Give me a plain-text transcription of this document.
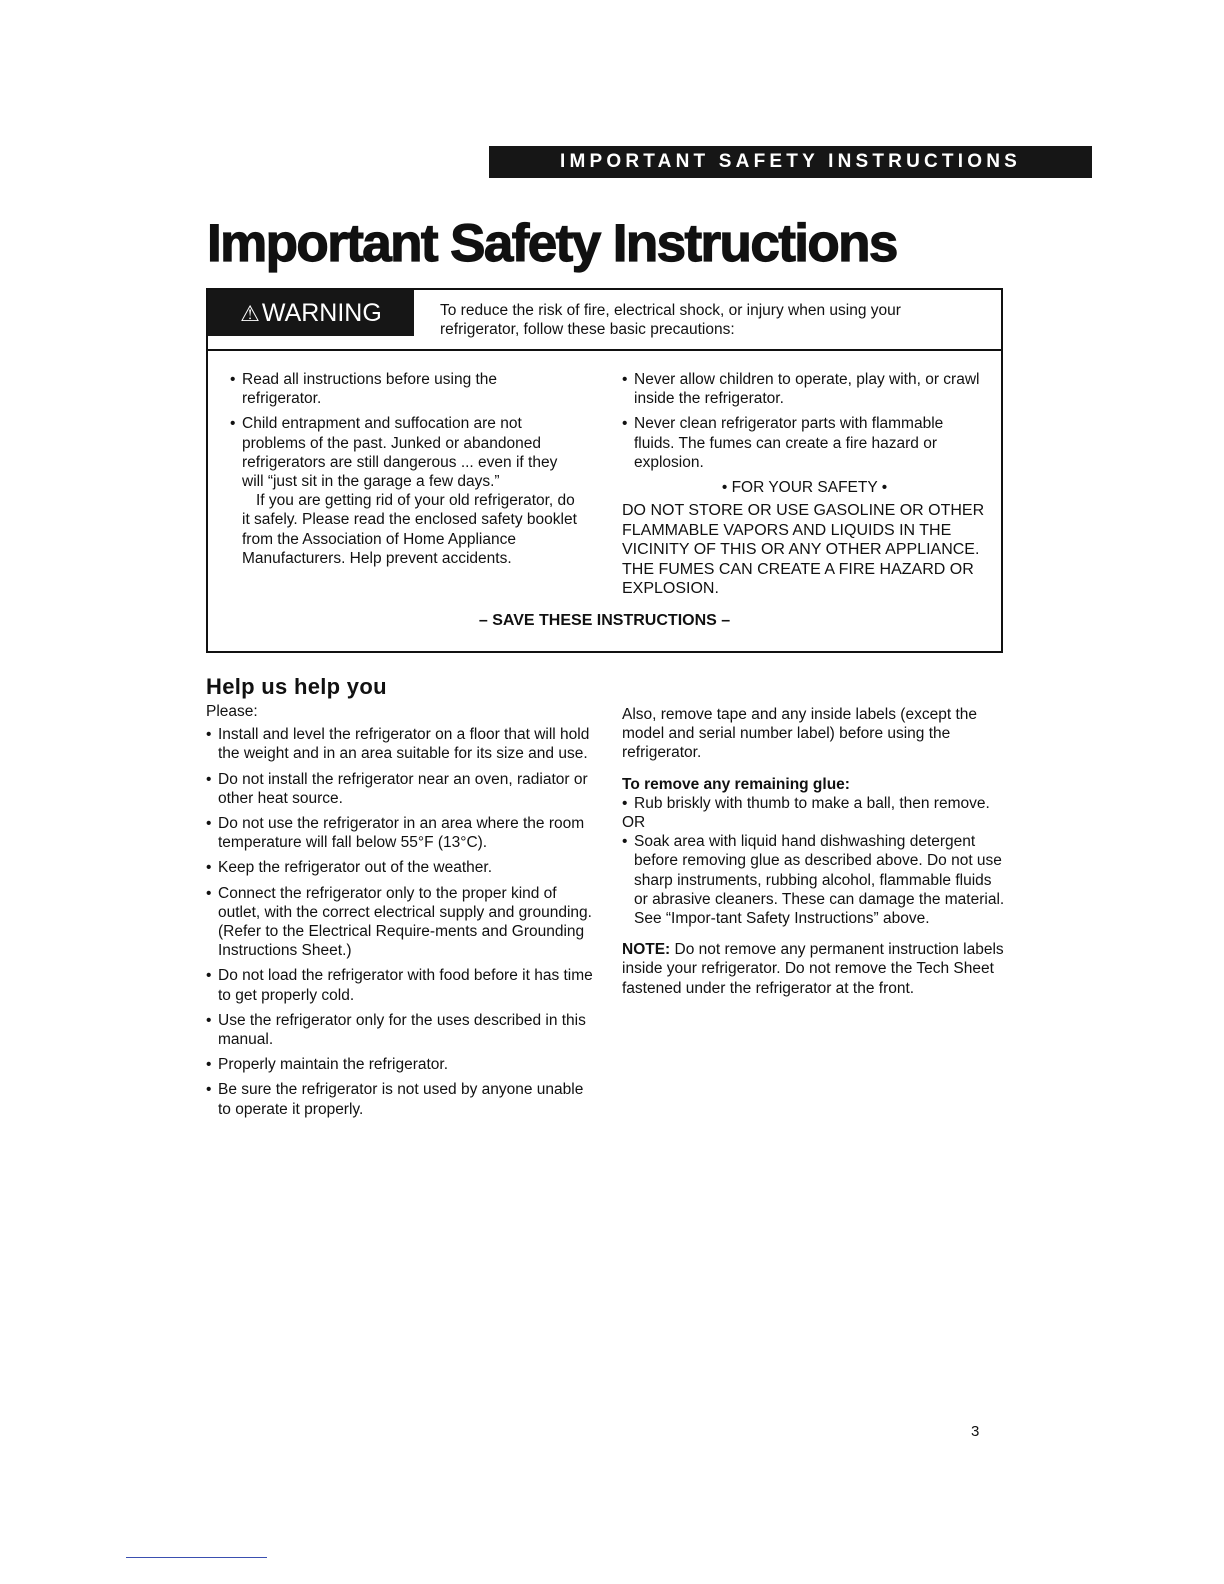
IMPORTANT SAFETY INSTRUCTIONS
Important Safety Instructions
⚠WARNING	To reduce the risk of fire, electrical shock, or injury when using your refrigerator, follow these basic precautions:

• Read all instructions before using the refrigerator.

• Child entrapment and suffocation are not problems of the past. Junked or abandoned refrigerators are still dangerous ... even if they will “just sit in the garage a few days.”

If you are getting rid of your old refrigerator, do it safely. Please read the enclosed safety booklet from the Association of Home Appliance Manufacturers. Help prevent accidents.

• Never allow children to operate, play with, or crawl inside the refrigerator.

• Never clean refrigerator parts with flammable fluids. The fumes can create a fire hazard or explosion.

• FOR YOUR SAFETY •

DO NOT STORE OR USE GASOLINE OR OTHER FLAMMABLE VAPORS AND LIQUIDS IN THE VICINITY OF THIS OR ANY OTHER APPLIANCE. THE FUMES CAN CREATE A FIRE HAZARD OR EXPLOSION.

– SAVE THESE INSTRUCTIONS –
Help us help you

Please:

• Install and level the refrigerator on a floor that will hold the weight and in an area suitable for its size and use.

• Do not install the refrigerator near an oven, radiator or other heat source.

• Do not use the refrigerator in an area where the room temperature will fall below 55°F (13°C).

• Keep the refrigerator out of the weather.

• Connect the refrigerator only to the proper kind of outlet, with the correct electrical supply and grounding. (Refer to the Electrical Require-ments and Grounding Instructions Sheet.)

• Do not load the refrigerator with food before it has time to get properly cold.

• Use the refrigerator only for the uses described in this manual.

• Properly maintain the refrigerator.

• Be sure the refrigerator is not used by anyone unable to operate it properly.

Also, remove tape and any inside labels (except the model and serial number label) before using the refrigerator.

To remove any remaining glue:

• Rub briskly with thumb to make a ball, then remove.

OR

• Soak area with liquid hand dishwashing detergent before removing glue as described above. Do not use sharp instruments, rubbing alcohol, flammable fluids or abrasive cleaners. These can damage the material. See “Impor-tant Safety Instructions” above.

NOTE: Do not remove any permanent instruction labels inside your refrigerator. Do not remove the Tech Sheet fastened under the refrigerator at the front.

3
